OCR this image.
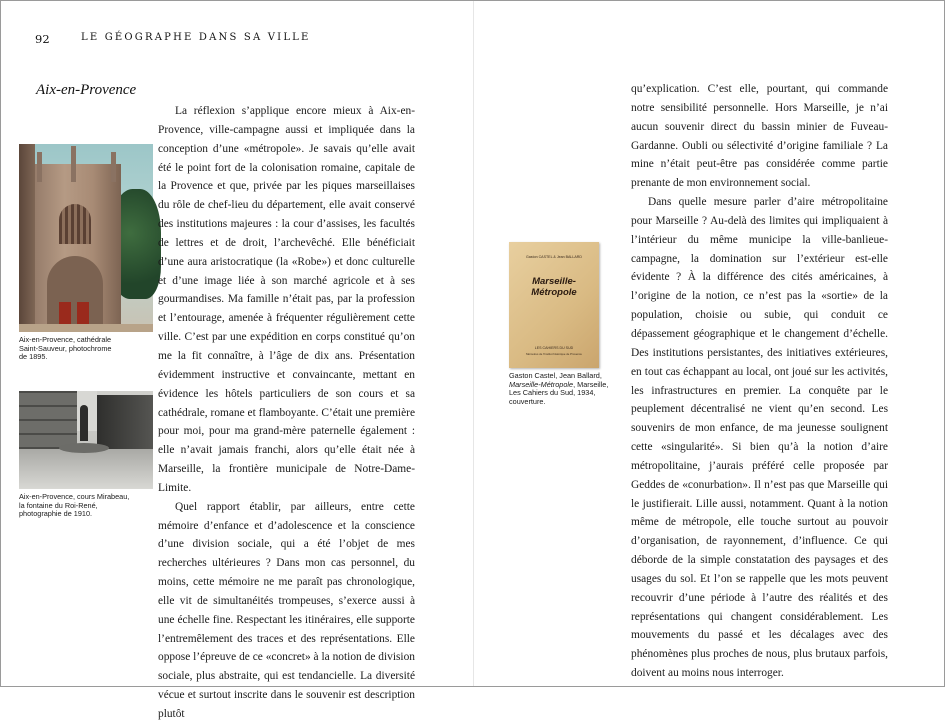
92	LE GÉOGRAPHE DANS SA VILLE
Aix-en-Provence
Aix-en-Provence, cathédrale
Saint-Sauveur, photochrome
de 1895.
Aix-en-Provence, cours Mirabeau,
la fontaine du Roi-René,
photographie de 1910.
Gaston CASTEL & Jean BALLARD
Marseille-
Métropole
LES CAHIERS DU SUD
Mémoires de l’Institut historique de Provence
Gaston Castel, Jean Ballard,
Marseille-Métropole, Marseille,
Les Cahiers du Sud, 1934,
couverture.

La réflexion s’applique encore mieux à Aix-en-Provence, ville-campagne aussi et impliquée dans la conception d’une «métropole». Je savais qu’elle avait été le point fort de la colonisation romaine, capitale de la Provence et que, privée par les piques marseillaises du rôle de chef-lieu du département, elle avait conservé des institutions majeures : la cour d’assises, les facultés de lettres et de droit, l’archevêché. Elle bénéficiait d’une aura aristocratique (la «Robe») et donc culturelle et d’une image liée à son marché agricole et à ses gourmandises. Ma famille n’était pas, par la profession et l’entourage, amenée à fréquenter régulièrement cette ville. C’est par une expédition en corps constitué qu’on me la fit connaître, à l’âge de dix ans. Présentation évidemment instructive et convaincante, mettant en évidence les hôtels particuliers de son cours et sa cathédrale, romane et flamboyante. C’était une première pour moi, pour ma grand-mère paternelle également : elle n’avait jamais franchi, alors qu’elle était née à Marseille, la frontière municipale de Notre-Dame-Limite.

Quel rapport établir, par ailleurs, entre cette mémoire d’enfance et d’adolescence et la conscience d’une division sociale, qui a été l’objet de mes recherches ultérieures ? Dans mon cas personnel, du moins, cette mémoire ne me paraît pas chronologique, elle vit de simultanéités trompeuses, s’exerce aussi à une échelle fine. Respectant les itinéraires, elle supporte l’entremêlement des traces et des représentations. Elle oppose l’épreuve de ce «concret» à la notion de division sociale, plus abstraite, qui est tendancielle. La diversité vécue et surtout inscrite dans le souvenir est description plutôt

qu’explication. C’est elle, pourtant, qui commande notre sensibilité personnelle. Hors Marseille, je n’ai aucun souvenir direct du bassin minier de Fuveau-Gardanne. Oubli ou sélectivité d’origine familiale ? La mine n’était peut-être pas considérée comme partie prenante de mon environnement social.

Dans quelle mesure parler d’aire métropolitaine pour Marseille ? Au-delà des limites qui impliquaient à l’intérieur du même municipe la ville-banlieue-campagne, la domination sur l’extérieur est-elle évidente ? À la différence des cités américaines, à l’origine de la notion, ce n’est pas la «sortie» de la population, choisie ou subie, qui conduit ce dépassement géographique et le changement d’échelle. Des institutions persistantes, des initiatives extérieures, en tout cas échappant au local, ont joué sur les activités, les infrastructures en premier. La conquête par le peuplement décentralisé ne vient qu’en second. Les souvenirs de mon enfance, de ma jeunesse soulignent cette «singularité». Si bien qu’à la notion d’aire métropolitaine, j’aurais préféré celle proposée par Geddes de «conurbation». Il n’est pas que Marseille qui le justifierait. Lille aussi, notamment. Quant à la notion même de métropole, elle touche surtout au pouvoir d’organisation, de rayonnement, d’influence. Ce qui déborde de la simple constatation des paysages et des usages du sol. Et l’on se rappelle que les mots peuvent recouvrir d’une période à l’autre des réalités et des représentations qui changent considérablement. Les mouvements du passé et les décalages avec des phénomènes plus proches de nous, plus brutaux parfois, doivent au moins nous interroger.
